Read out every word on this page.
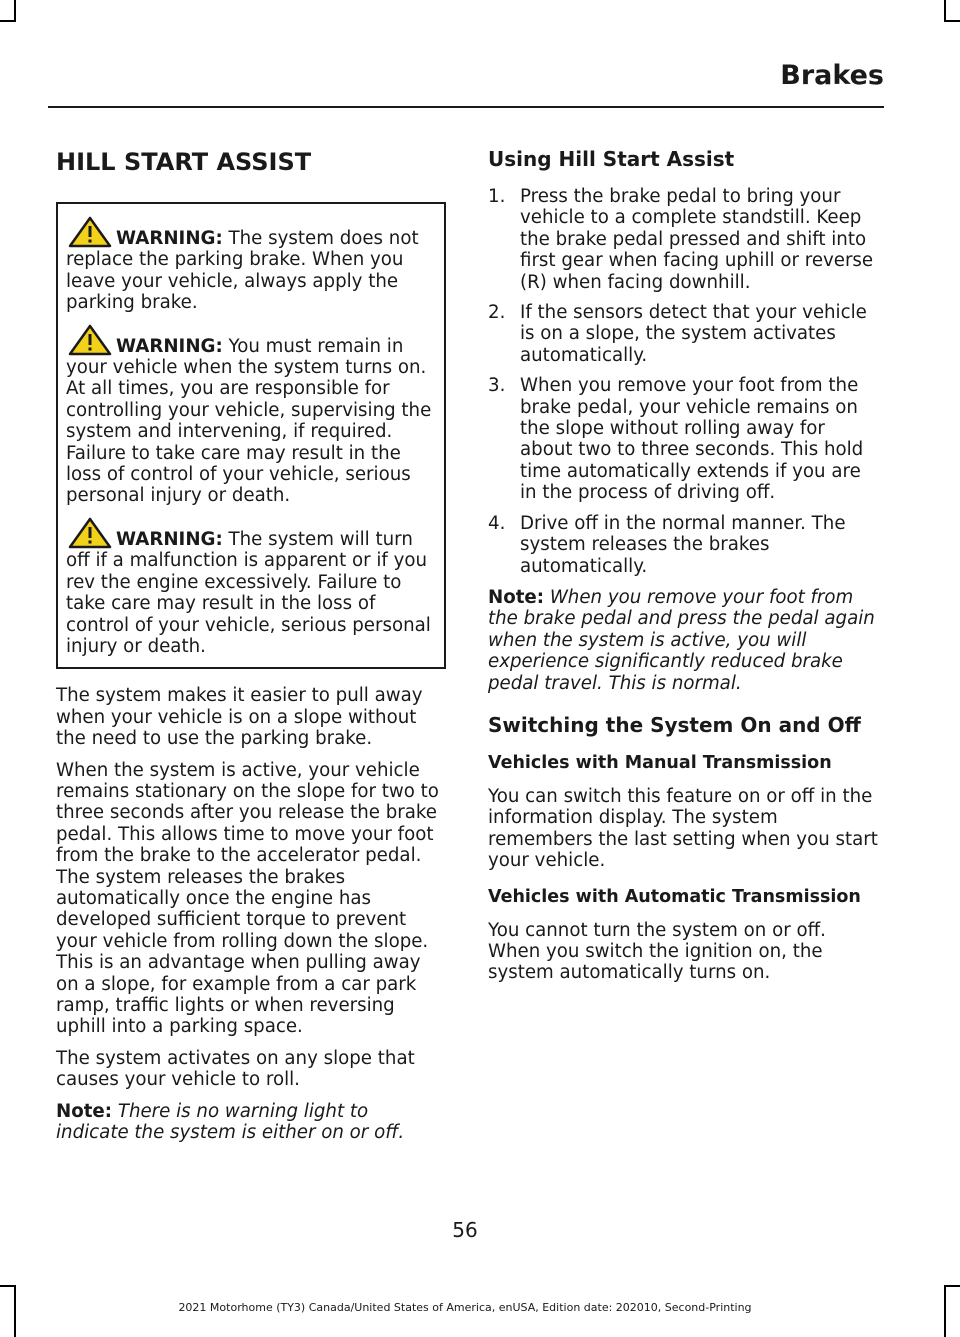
Brakes
HILL START ASSIST

WARNING: The system does not replace the parking brake. When you leave your vehicle, always apply the parking brake.

WARNING: You must remain in your vehicle when the system turns on. At all times, you are responsible for controlling your vehicle, supervising the system and intervening, if required. Failure to take care may result in the loss of control of your vehicle, serious personal injury or death.

WARNING: The system will turn off if a malfunction is apparent or if you rev the engine excessively. Failure to take care may result in the loss of control of your vehicle, serious personal injury or death.

The system makes it easier to pull away when your vehicle is on a slope without the need to use the parking brake.

When the system is active, your vehicle remains stationary on the slope for two to three seconds after you release the brake pedal. This allows time to move your foot from the brake to the accelerator pedal. The system releases the brakes automatically once the engine has developed sufficient torque to prevent your vehicle from rolling down the slope. This is an advantage when pulling away on a slope, for example from a car park ramp, traffic lights or when reversing uphill into a parking space.

The system activates on any slope that causes your vehicle to roll.

Note: There is no warning light to indicate the system is either on or off.

Using Hill Start Assist
1. Press the brake pedal to bring your vehicle to a complete standstill. Keep the brake pedal pressed and shift into first gear when facing uphill or reverse (R) when facing downhill.
2. If the sensors detect that your vehicle is on a slope, the system activates automatically.
3. When you remove your foot from the brake pedal, your vehicle remains on the slope without rolling away for about two to three seconds. This hold time automatically extends if you are in the process of driving off.
4. Drive off in the normal manner. The system releases the brakes automatically.

Note: When you remove your foot from the brake pedal and press the pedal again when the system is active, you will experience significantly reduced brake pedal travel. This is normal.

Switching the System On and Off
Vehicles with Manual Transmission

You can switch this feature on or off in the information display. The system remembers the last setting when you start your vehicle.

Vehicles with Automatic Transmission

You cannot turn the system on or off. When you switch the ignition on, the system automatically turns on.

56
2021 Motorhome (TY3) Canada/United States of America, enUSA, Edition date: 202010, Second-Printing
